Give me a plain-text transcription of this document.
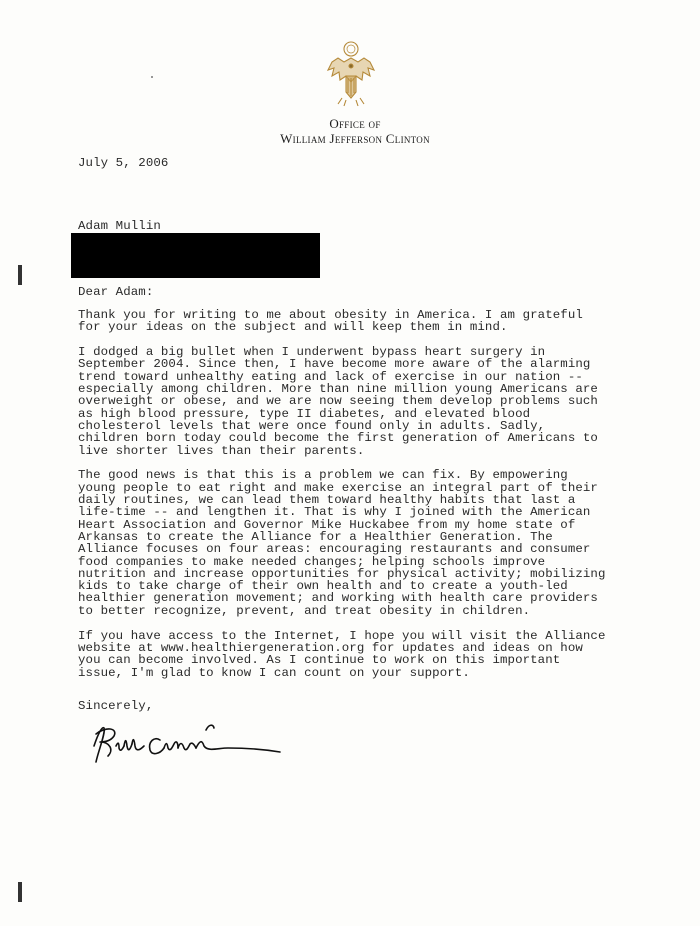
Office of
William Jefferson Clinton
July 5, 2006
Adam Mullin
Dear Adam:

Thank you for writing to me about obesity in America. I am grateful
for your ideas on the subject and will keep them in mind.

I dodged a big bullet when I underwent bypass heart surgery in
September 2004. Since then, I have become more aware of the alarming
trend toward unhealthy eating and lack of exercise in our nation --
especially among children. More than nine million young Americans are
overweight or obese, and we are now seeing them develop problems such
as high blood pressure, type II diabetes, and elevated blood
cholesterol levels that were once found only in adults. Sadly,
children born today could become the first generation of Americans to
live shorter lives than their parents.

The good news is that this is a problem we can fix. By empowering
young people to eat right and make exercise an integral part of their
daily routines, we can lead them toward healthy habits that last a
life-time -- and lengthen it. That is why I joined with the American
Heart Association and Governor Mike Huckabee from my home state of
Arkansas to create the Alliance for a Healthier Generation. The
Alliance focuses on four areas: encouraging restaurants and consumer
food companies to make needed changes; helping schools improve
nutrition and increase opportunities for physical activity; mobilizing
kids to take charge of their own health and to create a youth-led
healthier generation movement; and working with health care providers
to better recognize, prevent, and treat obesity in children.

If you have access to the Internet, I hope you will visit the Alliance
website at www.healthiergeneration.org for updates and ideas on how
you can become involved. As I continue to work on this important
issue, I'm glad to know I can count on your support.

Sincerely,
